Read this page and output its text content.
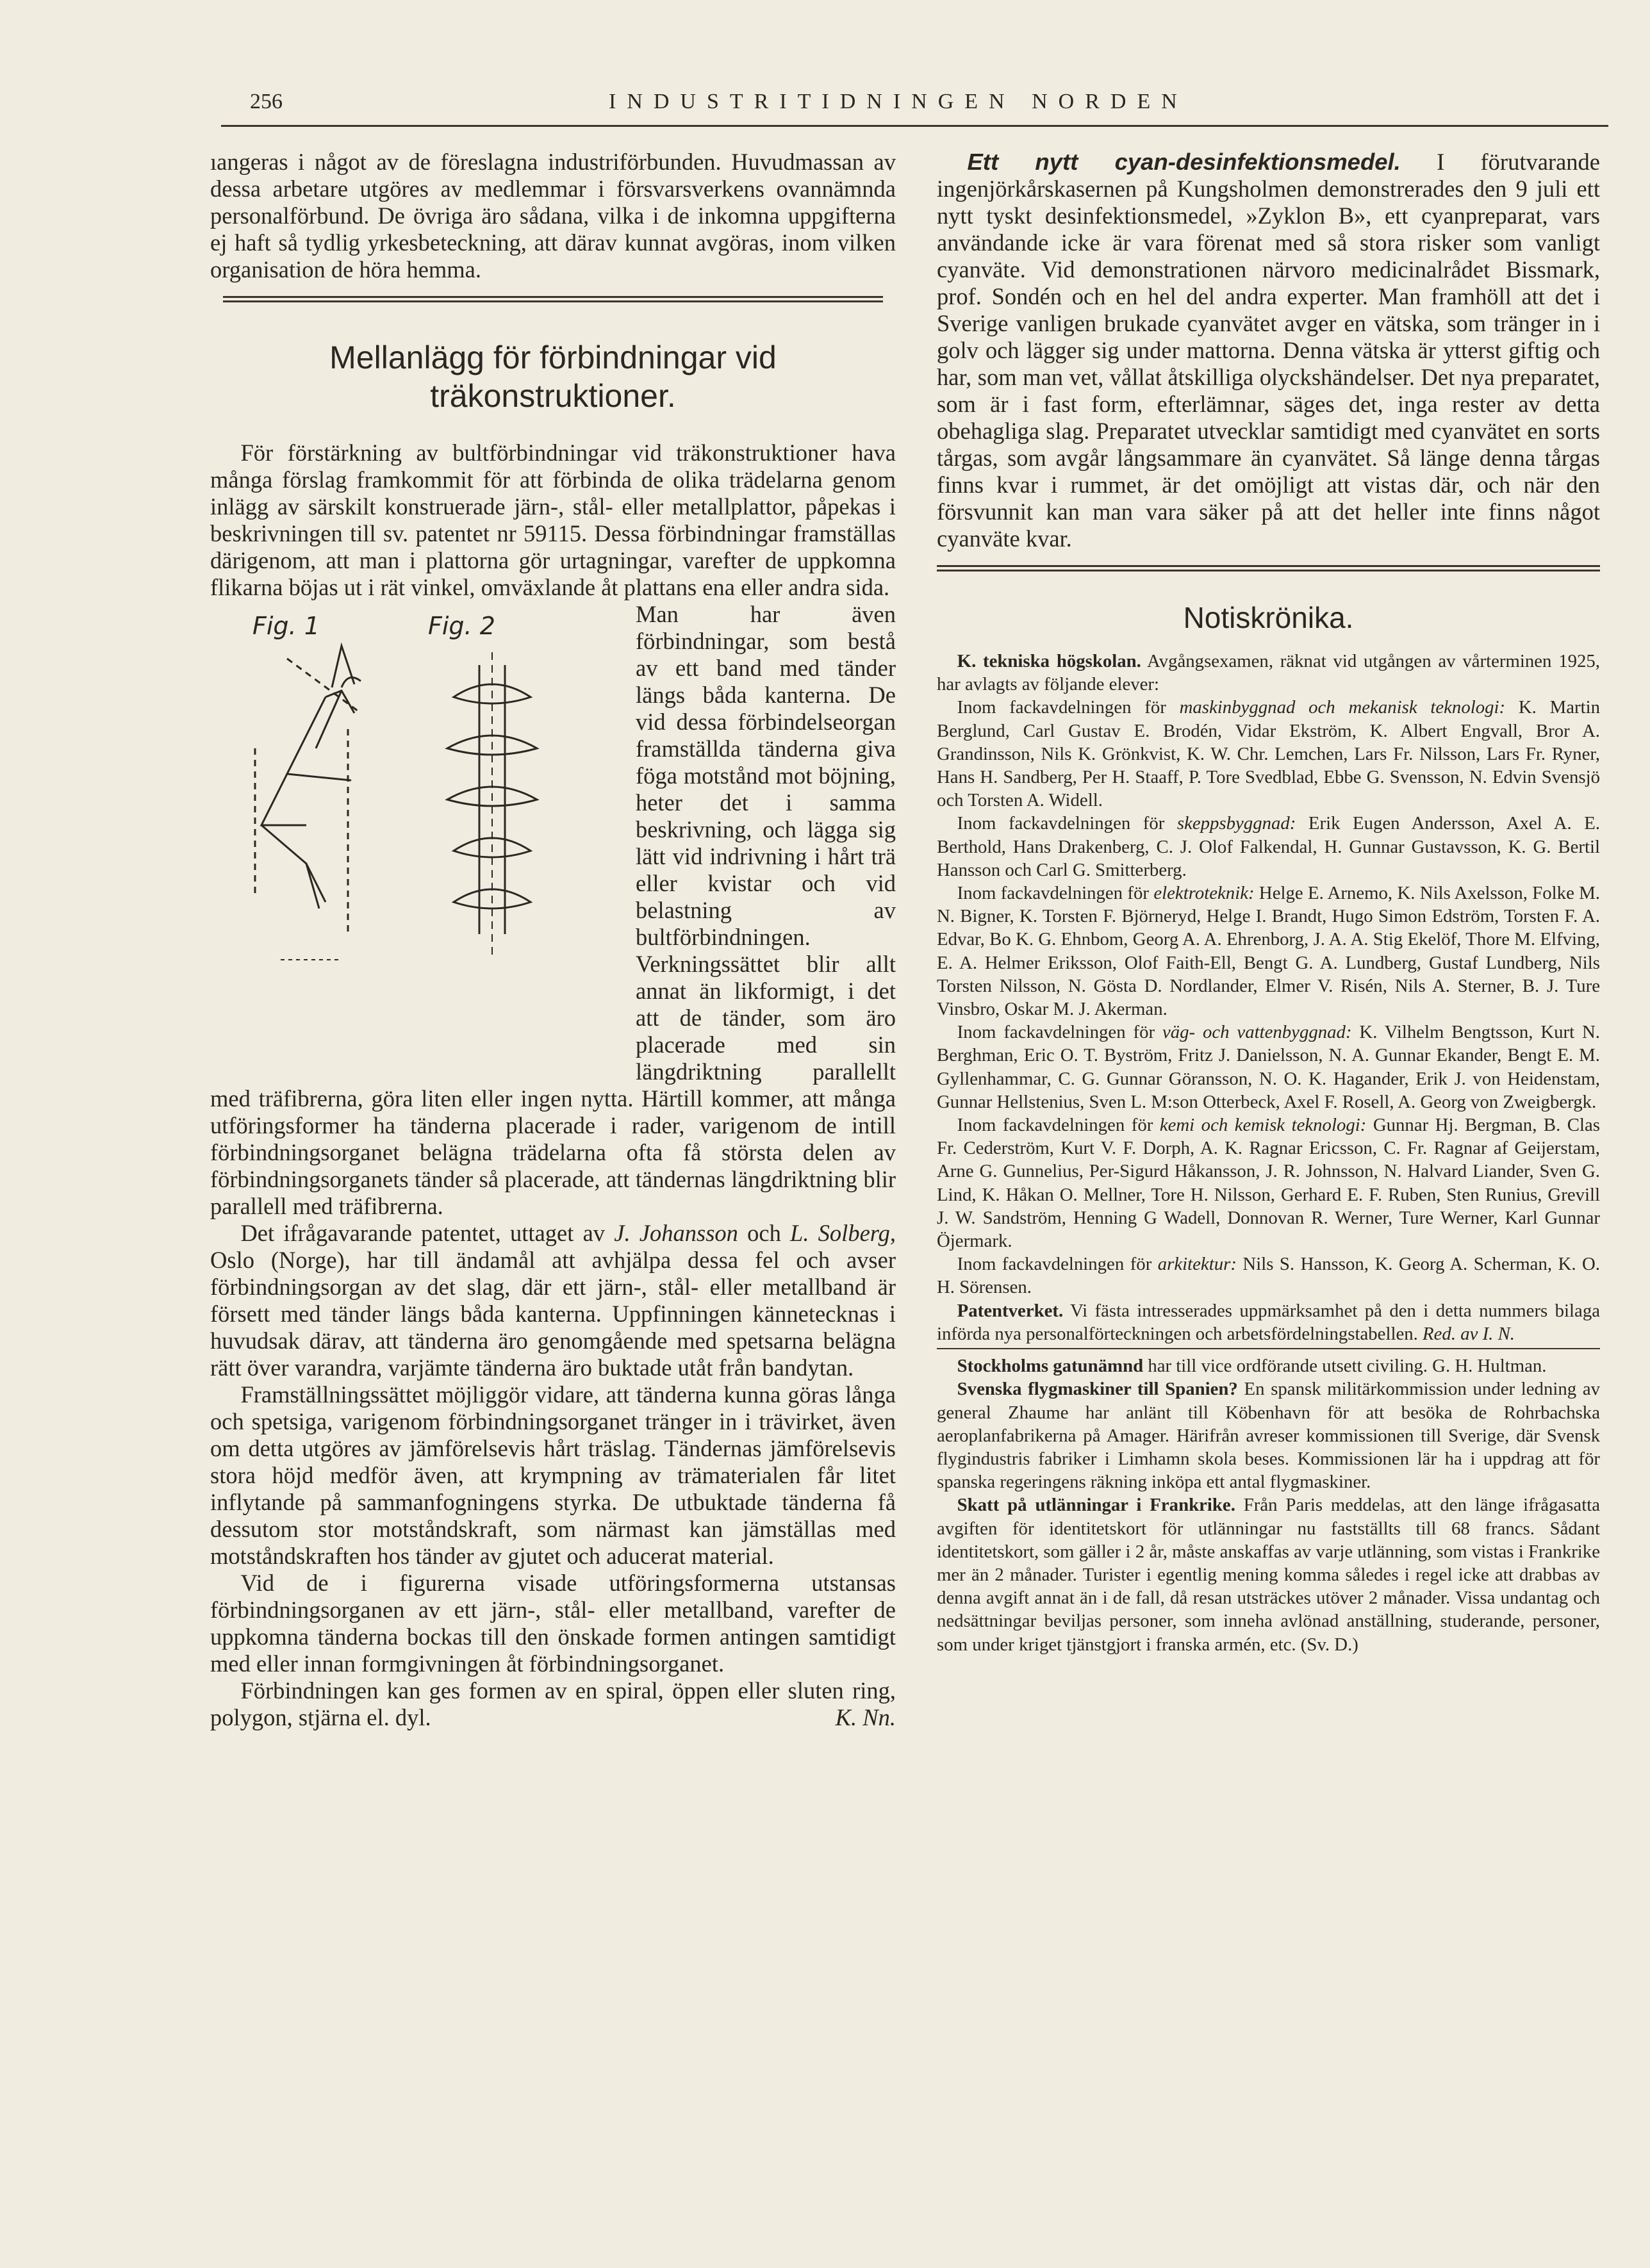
256	INDUSTRITIDNINGEN NORDEN

ıangeras i något av de föreslagna industriförbunden. Huvudmassan av dessa arbetare utgöres av medlemmar i försvarsverkens ovannämnda personalförbund. De övriga äro sådana, vilka i de inkomna uppgifterna ej haft så tydlig yrkesbeteckning, att därav kunnat avgöras, inom vilken organisation de höra hemma.

Mellanlägg för förbindningar vid träkonstruktioner.

För förstärkning av bultförbindningar vid träkonstruktioner hava många förslag framkommit för att förbinda de olika trädelarna genom inlägg av särskilt konstruerade järn-, stål- eller metallplattor, påpekas i beskrivningen till sv. patentet nr 59115. Dessa förbindningar framställas därigenom, att man i plattorna gör urtagningar, varefter de uppkomna flikarna böjas ut i rät vinkel, omväxlande åt plattans ena eller andra sida.

Fig. 1	Fig. 2	Man har även förbindningar, som bestå av ett band med tänder längs båda kanterna. De vid dessa förbindelseorgan framställda tänderna giva föga motstånd mot böjning, heter det i samma beskrivning, och lägga sig lätt vid indrivning i hårt trä eller kvistar och vid belastning av bultförbindningen. Verkningssättet blir allt annat än likformigt, i det att de tänder, som äro placerade med sin längdriktning parallellt med träfibrerna, göra liten eller ingen nytta. Härtill kommer, att många utföringsformer ha tänderna placerade i rader, varigenom de intill förbindningsorganet belägna trädelarna ofta få största delen av förbindningsorganets tänder så placerade, att tändernas längdriktning blir parallell med träfibrerna.

Det ifrågavarande patentet, uttaget av J. Johansson och L. Solberg, Oslo (Norge), har till ändamål att avhjälpa dessa fel och avser förbindningsorgan av det slag, där ett järn-, stål- eller metallband är försett med tänder längs båda kanterna. Uppfinningen kännetecknas i huvudsak därav, att tänderna äro genomgående med spetsarna belägna rätt över varandra, varjämte tänderna äro buktade utåt från bandytan.

Framställningssättet möjliggör vidare, att tänderna kunna göras långa och spetsiga, varigenom förbindningsorganet tränger in i trävirket, även om detta utgöres av jämförelsevis hårt träslag. Tändernas jämförelsevis stora höjd medför även, att krympning av trämaterialen får litet inflytande på sammanfogningens styrka. De utbuktade tänderna få dessutom stor motståndskraft, som närmast kan jämställas med motståndskraften hos tänder av gjutet och aducerat material.

Vid de i figurerna visade utföringsformerna utstansas förbindningsorganen av ett järn-, stål- eller metallband, varefter de uppkomna tänderna bockas till den önskade formen antingen samtidigt med eller innan formgivningen åt förbindningsorganet.

Förbindningen kan ges formen av en spiral, öppen eller sluten ring, polygon, stjärna el. dyl.	K. Nn.

Ett nytt cyan-desinfektionsmedel. I förutvarande ingenjörkårskasernen på Kungsholmen demonstrerades den 9 juli ett nytt tyskt desinfektionsmedel, »Zyklon B», ett cyanpreparat, vars användande icke är vara förenat med så stora risker som vanligt cyanväte. Vid demonstrationen närvoro medicinalrådet Bissmark, prof. Sondén och en hel del andra experter. Man framhöll att det i Sverige vanligen brukade cyanvätet avger en vätska, som tränger in i golv och lägger sig under mattorna. Denna vätska är ytterst giftig och har, som man vet, vållat åtskilliga olyckshändelser. Det nya preparatet, som är i fast form, efterlämnar, säges det, inga rester av detta obehagliga slag. Preparatet utvecklar samtidigt med cyanvätet en sorts tårgas, som avgår långsammare än cyanvätet. Så länge denna tårgas finns kvar i rummet, är det omöjligt att vistas där, och när den försvunnit kan man vara säker på att det heller inte finns något cyanväte kvar.

Notiskrönika.

K. tekniska högskolan. Avgångsexamen, räknat vid utgången av vårterminen 1925, har avlagts av följande elever:

Inom fackavdelningen för maskinbyggnad och mekanisk teknologi: K. Martin Berglund, Carl Gustav E. Brodén, Vidar Ekström, K. Albert Engvall, Bror A. Grandinsson, Nils K. Grönkvist, K. W. Chr. Lemchen, Lars Fr. Nilsson, Lars Fr. Ryner, Hans H. Sandberg, Per H. Staaff, P. Tore Svedblad, Ebbe G. Svensson, N. Edvin Svensjö och Torsten A. Widell.

Inom fackavdelningen för skeppsbyggnad: Erik Eugen Andersson, Axel A. E. Berthold, Hans Drakenberg, C. J. Olof Falkendal, H. Gunnar Gustavsson, K. G. Bertil Hansson och Carl G. Smitterberg.

Inom fackavdelningen för elektroteknik: Helge E. Arnemo, K. Nils Axelsson, Folke M. N. Bigner, K. Torsten F. Björneryd, Helge I. Brandt, Hugo Simon Edström, Torsten F. A. Edvar, Bo K. G. Ehnbom, Georg A. A. Ehrenborg, J. A. A. Stig Ekelöf, Thore M. Elfving, E. A. Helmer Eriksson, Olof Faith-Ell, Bengt G. A. Lundberg, Gustaf Lundberg, Nils Torsten Nilsson, N. Gösta D. Nordlander, Elmer V. Risén, Nils A. Sterner, B. J. Ture Vinsbro, Oskar M. J. Akerman.

Inom fackavdelningen för väg- och vattenbyggnad: K. Vilhelm Bengtsson, Kurt N. Berghman, Eric O. T. Byström, Fritz J. Danielsson, N. A. Gunnar Ekander, Bengt E. M. Gyllenhammar, C. G. Gunnar Göransson, N. O. K. Hagander, Erik J. von Heidenstam, Gunnar Hellstenius, Sven L. M:son Otterbeck, Axel F. Rosell, A. Georg von Zweigbergk.

Inom fackavdelningen för kemi och kemisk teknologi: Gunnar Hj. Bergman, B. Clas Fr. Cederström, Kurt V. F. Dorph, A. K. Ragnar Ericsson, C. Fr. Ragnar af Geijerstam, Arne G. Gunnelius, Per-Sigurd Håkansson, J. R. Johnsson, N. Halvard Liander, Sven G. Lind, K. Håkan O. Mellner, Tore H. Nilsson, Gerhard E. F. Ruben, Sten Runius, Grevill J. W. Sandström, Henning G Wadell, Donnovan R. Werner, Ture Werner, Karl Gunnar Öjermark.

Inom fackavdelningen för arkitektur: Nils S. Hansson, K. Georg A. Scherman, K. O. H. Sörensen.

Patentverket. Vi fästa intresserades uppmärksamhet på den i detta nummers bilaga införda nya personalförteckningen och arbetsfördelningstabellen. Red. av I. N.

Stockholms gatunämnd har till vice ordförande utsett civiling. G. H. Hultman.

Svenska flygmaskiner till Spanien? En spansk militärkommission under ledning av general Zhaume har anlänt till Köbenhavn för att besöka de Rohrbachska aeroplanfabrikerna på Amager. Härifrån avreser kommissionen till Sverige, där Svensk flygindustris fabriker i Limhamn skola beses. Kommissionen lär ha i uppdrag att för spanska regeringens räkning inköpa ett antal flygmaskiner.

Skatt på utlänningar i Frankrike. Från Paris meddelas, att den länge ifrågasatta avgiften för identitetskort för utlänningar nu fastställts till 68 francs. Sådant identitetskort, som gäller i 2 år, måste anskaffas av varje utlänning, som vistas i Frankrike mer än 2 månader. Turister i egentlig mening komma således i regel icke att drabbas av denna avgift annat än i de fall, då resan utsträckes utöver 2 månader. Vissa undantag och nedsättningar beviljas personer, som inneha avlönad anställning, studerande, personer, som under kriget tjänstgjort i franska armén, etc. (Sv. D.)
